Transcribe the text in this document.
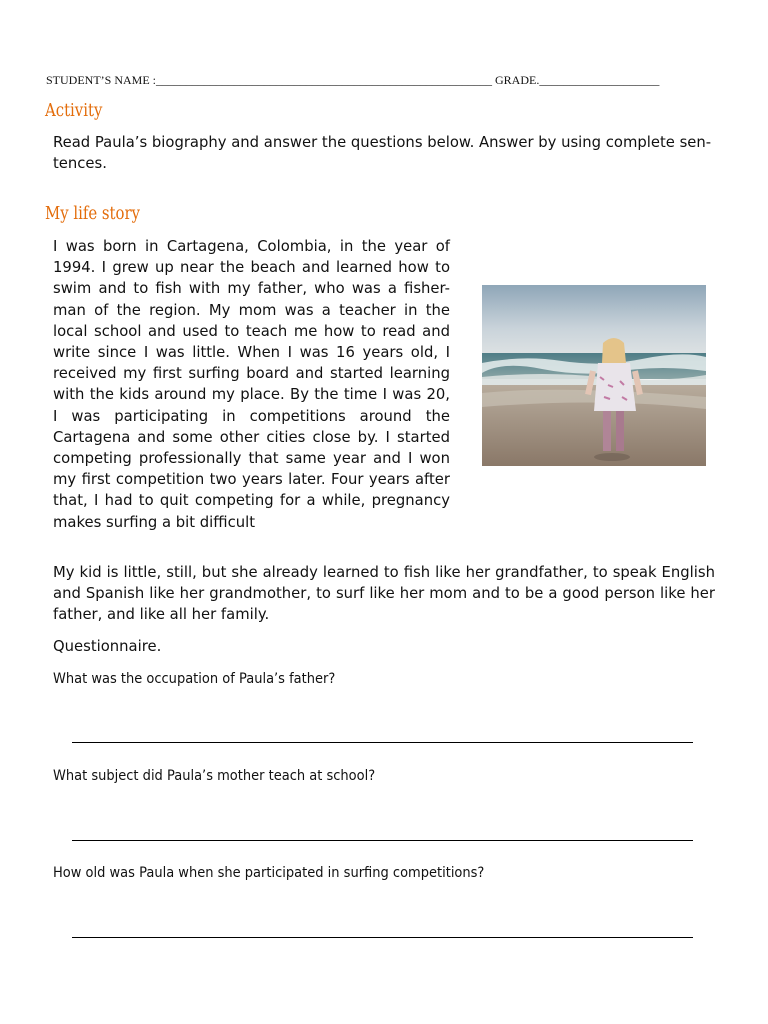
STUDENT’S NAME :________________________________________________________ GRADE.____________________
Activity

Read Paula’s biography and answer the questions below. Answer by using complete sen- tences.

My life story

I was born in Cartagena, Colombia, in the year of 1994. I grew up near the beach and learned how to swim and to fish with my father, who was a fisher- man of the region. My mom was a teacher in the local school and used to teach me how to read and write since I was little. When I was 16 years old, I received my first surfing board and started learning with the kids around my place. By the time I was 20, I was participating in competitions around the Cartagena and some other cities close by. I started competing professionally that same year and I won my first competition two years later. Four years after that, I had to quit competing for a while, pregnancy makes surfing a bit difficult

My kid is little, still, but she already learned to fish like her grandfather, to speak English and Spanish like her grandmother, to surf like her mom and to be a good person like her father, and like all her family.

Questionnaire.
What was the occupation of Paula’s father?
What subject did Paula’s mother teach at school?
How old was Paula when she participated in surfing competitions?
